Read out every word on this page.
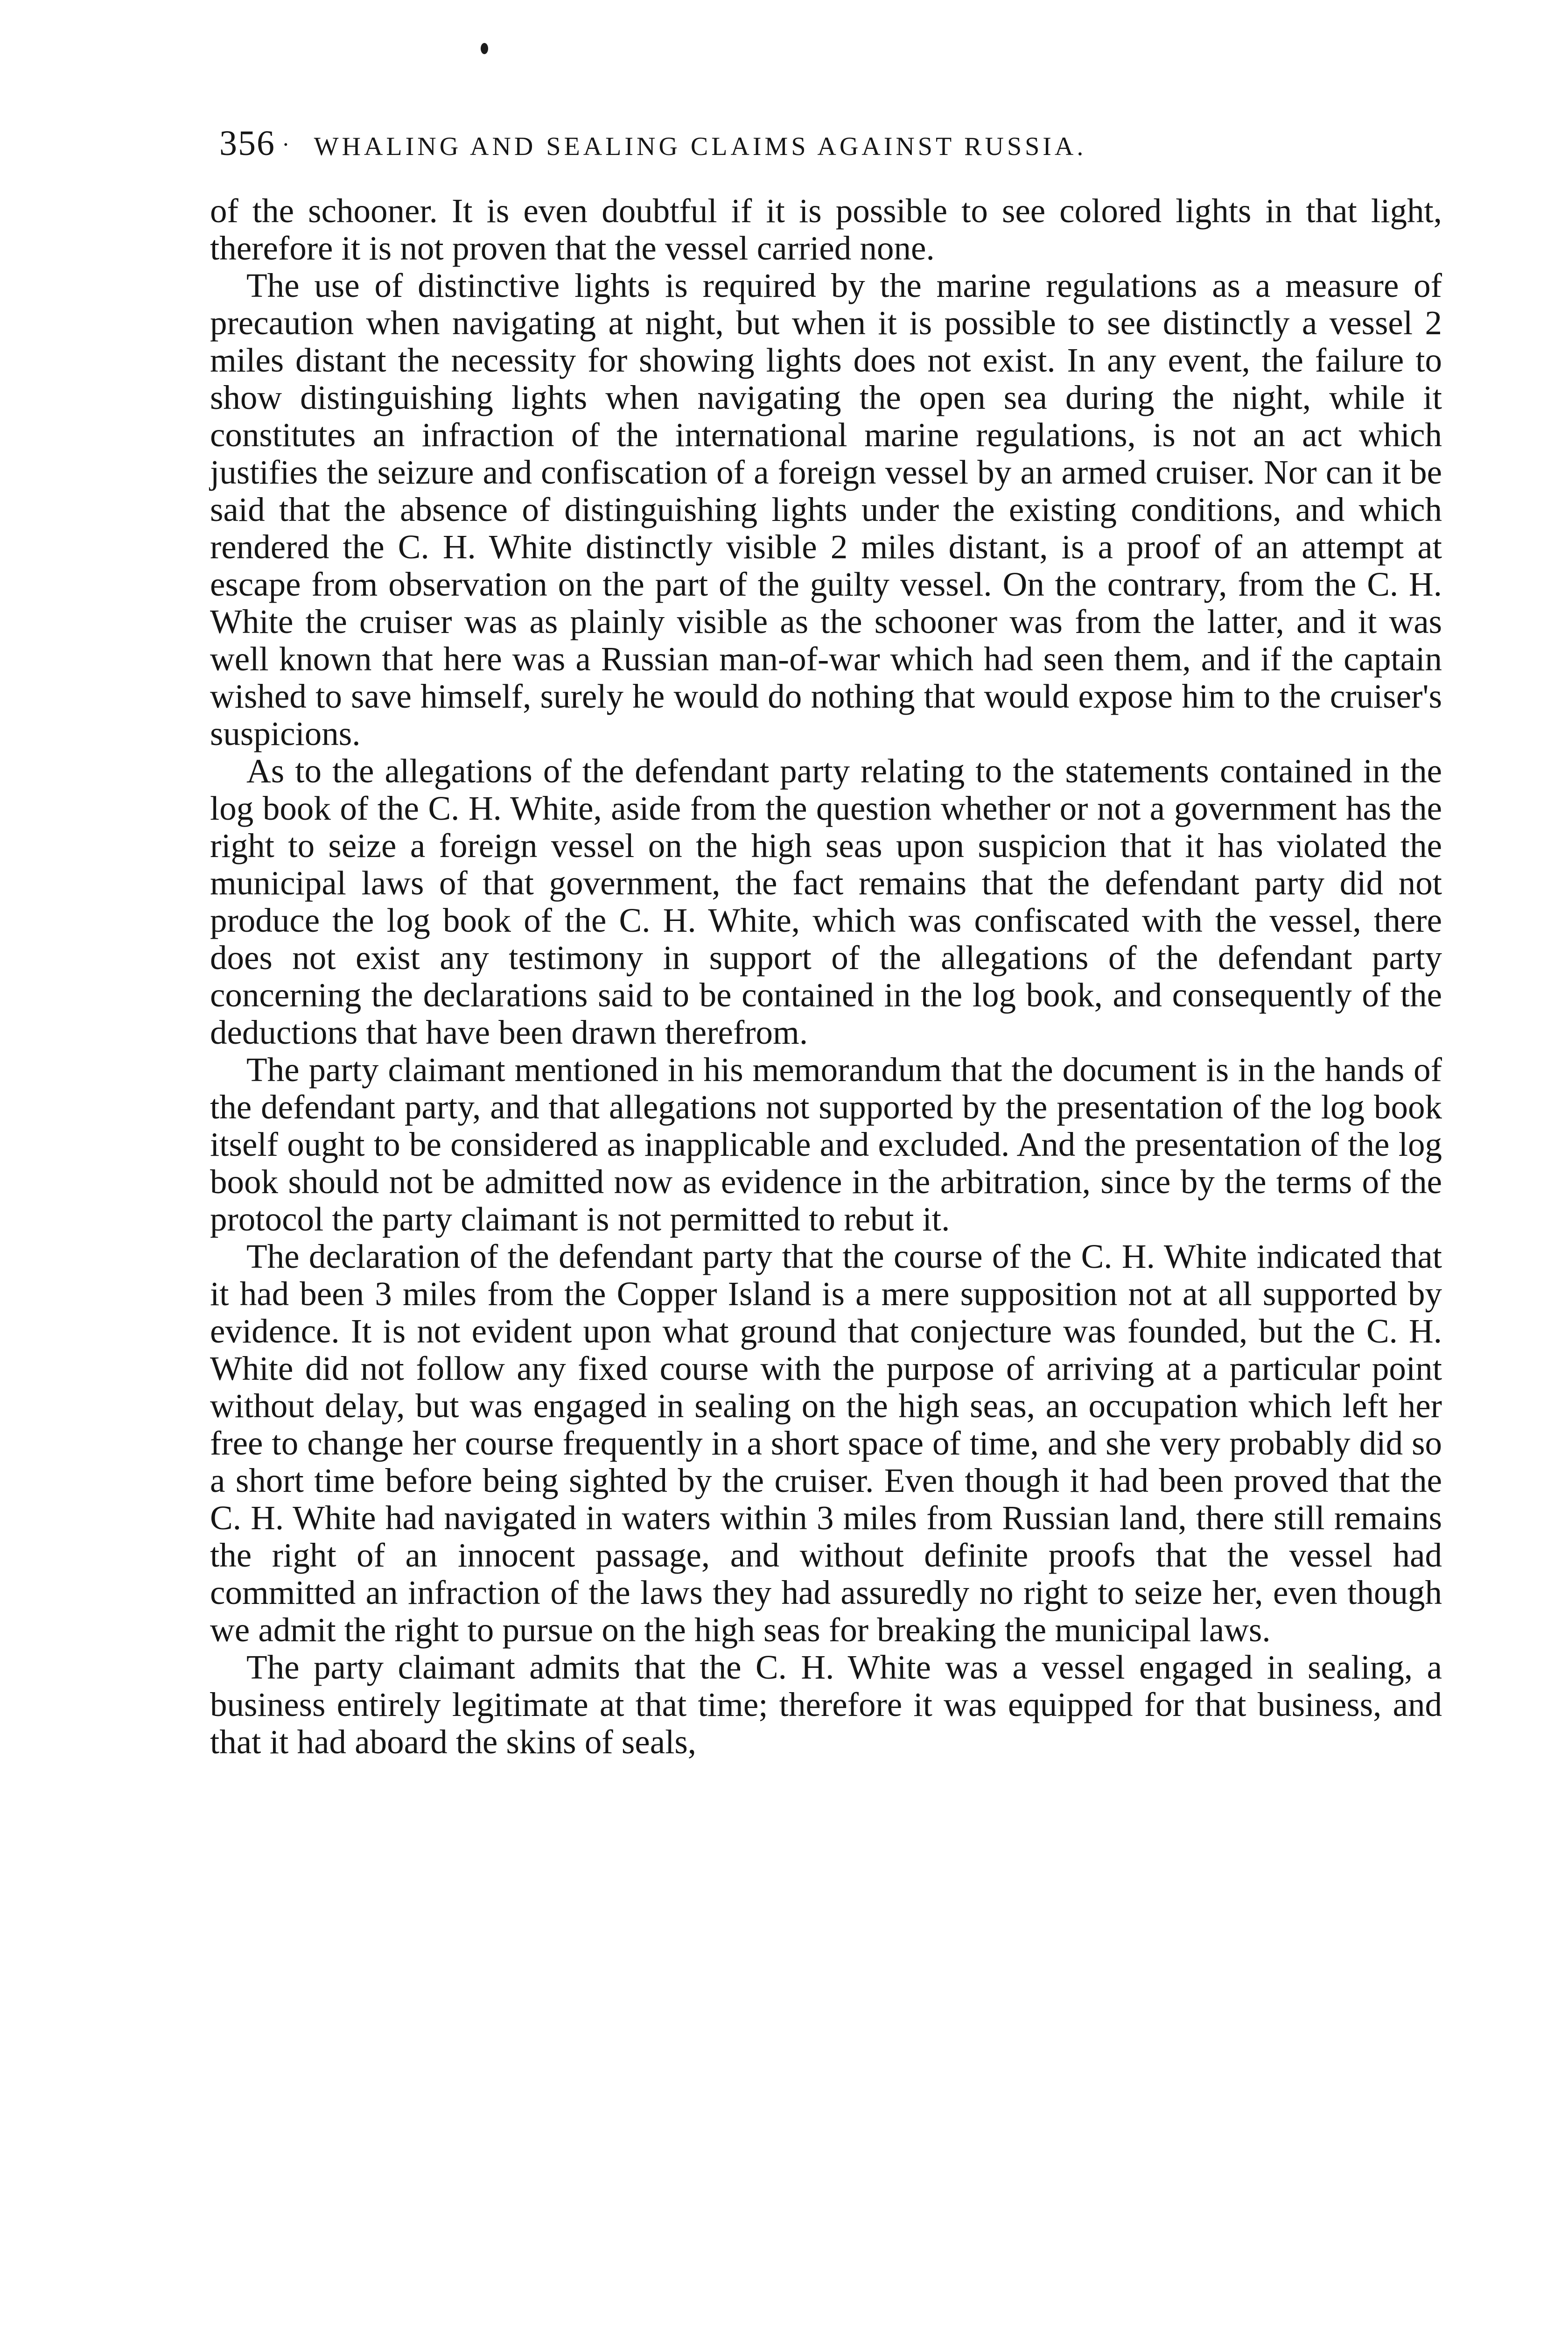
356 · WHALING AND SEALING CLAIMS AGAINST RUSSIA.

of the schooner. It is even doubtful if it is possible to see colored lights in that light, therefore it is not proven that the vessel carried none.

The use of distinctive lights is required by the marine regulations as a measure of precaution when navigating at night, but when it is possible to see distinctly a vessel 2 miles distant the necessity for showing lights does not exist. In any event, the failure to show distinguishing lights when navigating the open sea during the night, while it constitutes an infraction of the international marine regulations, is not an act which justifies the seizure and confiscation of a foreign vessel by an armed cruiser. Nor can it be said that the absence of distinguishing lights under the existing conditions, and which rendered the C. H. White distinctly visible 2 miles distant, is a proof of an attempt at escape from observation on the part of the guilty vessel. On the contrary, from the C. H. White the cruiser was as plainly visible as the schooner was from the latter, and it was well known that here was a Russian man-of-war which had seen them, and if the captain wished to save himself, surely he would do nothing that would expose him to the cruiser's suspicions.

As to the allegations of the defendant party relating to the statements contained in the log book of the C. H. White, aside from the question whether or not a government has the right to seize a foreign vessel on the high seas upon suspicion that it has violated the municipal laws of that government, the fact remains that the defendant party did not produce the log book of the C. H. White, which was confiscated with the vessel, there does not exist any testimony in support of the allegations of the defendant party concerning the declarations said to be contained in the log book, and consequently of the deductions that have been drawn therefrom.

The party claimant mentioned in his memorandum that the document is in the hands of the defendant party, and that allegations not supported by the presentation of the log book itself ought to be considered as inapplicable and excluded. And the presentation of the log book should not be admitted now as evidence in the arbitration, since by the terms of the protocol the party claimant is not permitted to rebut it.

The declaration of the defendant party that the course of the C. H. White indicated that it had been 3 miles from the Copper Island is a mere supposition not at all supported by evidence. It is not evident upon what ground that conjecture was founded, but the C. H. White did not follow any fixed course with the purpose of arriving at a particular point without delay, but was engaged in sealing on the high seas, an occupation which left her free to change her course frequently in a short space of time, and she very probably did so a short time before being sighted by the cruiser. Even though it had been proved that the C. H. White had navigated in waters within 3 miles from Russian land, there still remains the right of an innocent passage, and without definite proofs that the vessel had committed an infraction of the laws they had assuredly no right to seize her, even though we admit the right to pursue on the high seas for breaking the municipal laws.

The party claimant admits that the C. H. White was a vessel engaged in sealing, a business entirely legitimate at that time; therefore it was equipped for that business, and that it had aboard the skins of seals,
